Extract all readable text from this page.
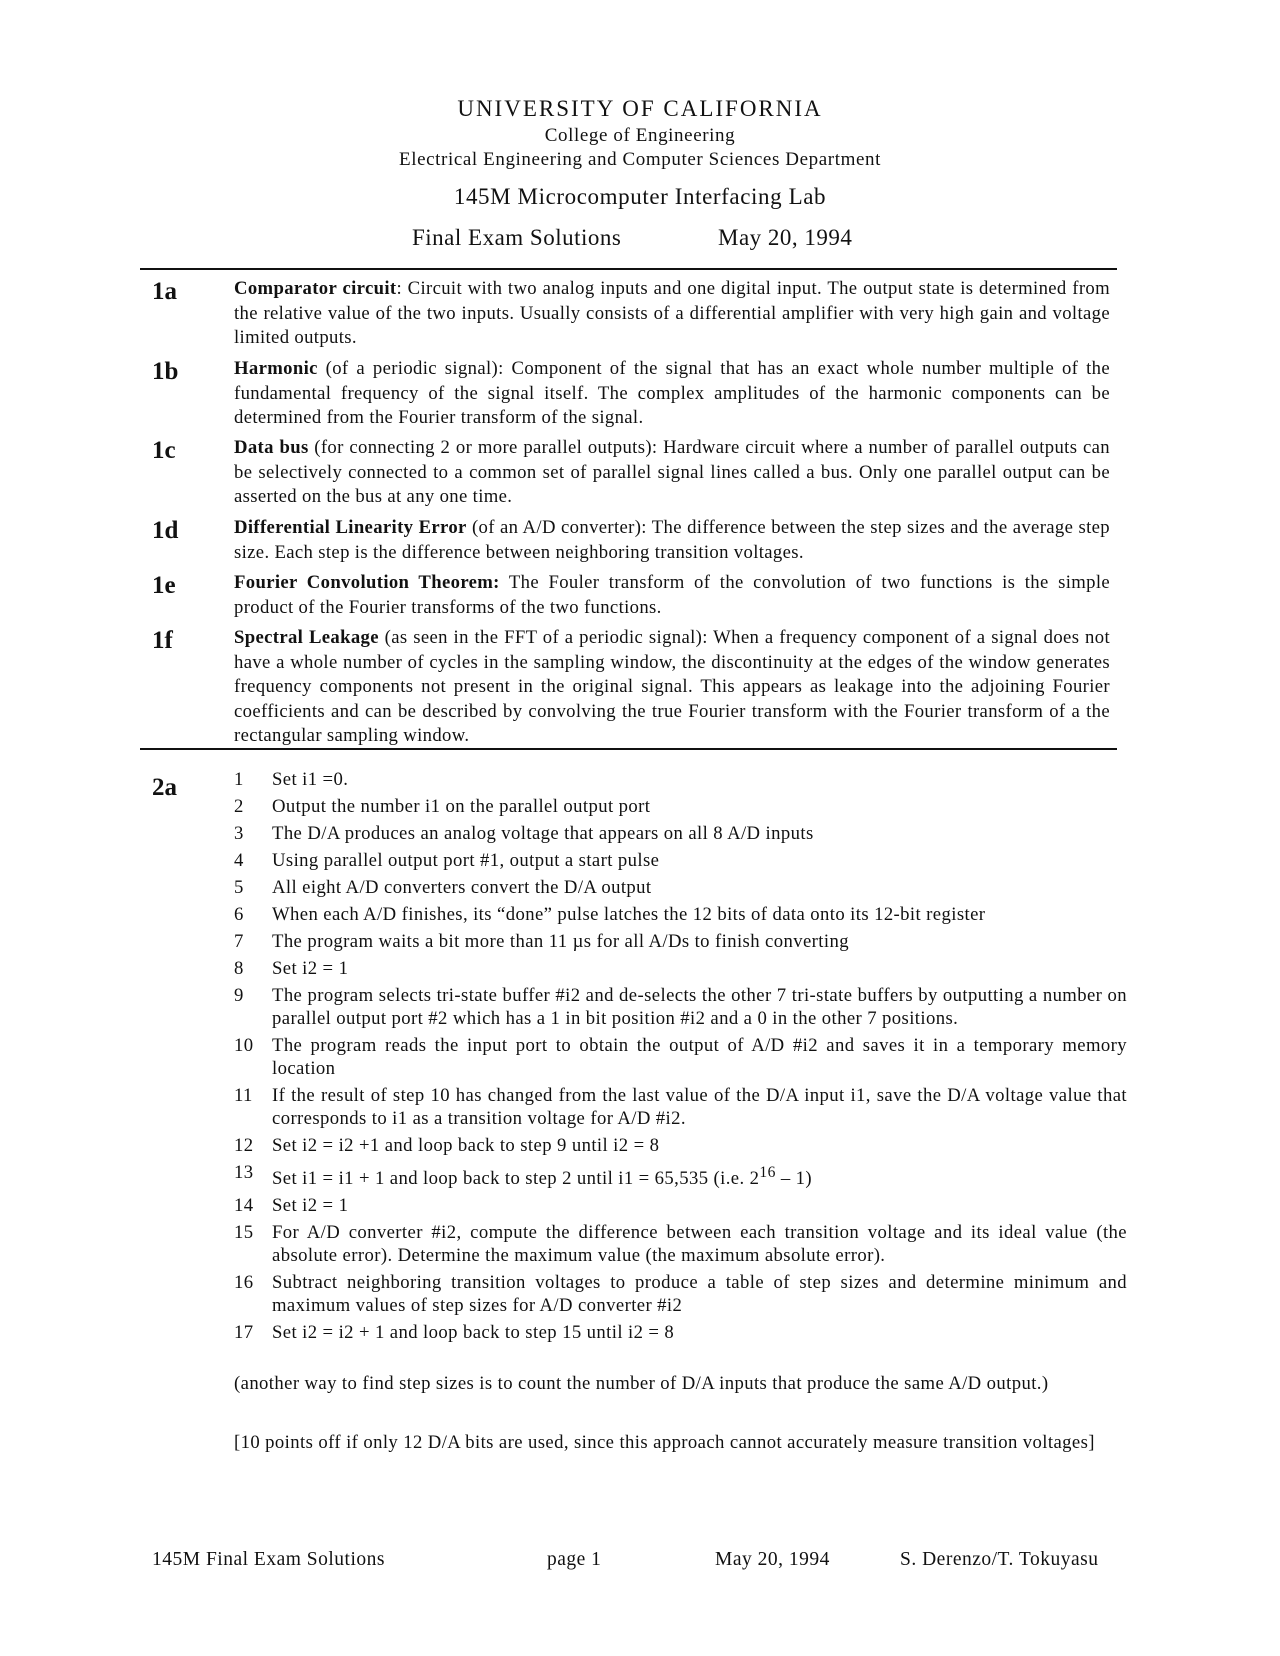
UNIVERSITY OF CALIFORNIA
College of Engineering
Electrical Engineering and Computer Sciences Department
145M Microcomputer Interfacing Lab
Final Exam Solutions	May 20, 1994
1a	Comparator circuit: Circuit with two analog inputs and one digital input. The output state is determined from the relative value of the two inputs. Usually consists of a differential amplifier with very high gain and voltage limited outputs.
1b	Harmonic (of a periodic signal): Component of the signal that has an exact whole number multiple of the fundamental frequency of the signal itself. The complex amplitudes of the harmonic components can be determined from the Fourier transform of the signal.
1c	Data bus (for connecting 2 or more parallel outputs): Hardware circuit where a number of parallel outputs can be selectively connected to a common set of parallel signal lines called a bus. Only one parallel output can be asserted on the bus at any one time.
1d	Differential Linearity Error (of an A/D converter): The difference between the step sizes and the average step size. Each step is the difference between neighboring transition voltages.
1e	Fourier Convolution Theorem: The Fouler transform of the convolution of two functions is the simple product of the Fourier transforms of the two functions.
1f	Spectral Leakage (as seen in the FFT of a periodic signal): When a frequency component of a signal does not have a whole number of cycles in the sampling window, the discontinuity at the edges of the window generates frequency components not present in the original signal. This appears as leakage into the adjoining Fourier coefficients and can be described by convolving the true Fourier transform with the Fourier transform of a the rectangular sampling window.
2a	1	Set i1 =0.
2	Output the number i1 on the parallel output port
3	The D/A produces an analog voltage that appears on all 8 A/D inputs
4	Using parallel output port #1, output a start pulse
5	All eight A/D converters convert the D/A output
6	When each A/D finishes, its “done” pulse latches the 12 bits of data onto its 12-bit register
7	The program waits a bit more than 11 µs for all A/Ds to finish converting
8	Set i2 = 1
9	The program selects tri-state buffer #i2 and de-selects the other 7 tri-state buffers by outputting a number on parallel output port #2 which has a 1 in bit position #i2 and a 0 in the other 7 positions.
10 The program reads the input port to obtain the output of A/D #i2 and saves it in a temporary memory location
11	If the result of step 10 has changed from the last value of the D/A input i1, save the D/A voltage value that corresponds to i1 as a transition voltage for A/D #i2.
12 Set i2 = i2 +1 and loop back to step 9 until i2 = 8
13 Set i1 = i1 + 1 and loop back to step 2 until i1 = 65,535 (i.e. $2^{16} - 1$)
14 Set i2 = 1
15 For A/D converter #i2, compute the difference between each transition voltage and its ideal value (the absolute error). Determine the maximum value (the maximum absolute error).
16 Subtract neighboring transition voltages to produce a table of step sizes and determine minimum and maximum values of step sizes for A/D converter #i2
17 Set i2 = i2 + 1 and loop back to step 15 until i2 = 8
(another way to find step sizes is to count the number of D/A inputs that produce the same A/D output.)
[10 points off if only 12 D/A bits are used, since this approach cannot accurately measure transition voltages]
145M Final Exam Solutions	page 1	May 20, 1994	S. Derenzo/T. Tokuyasu
